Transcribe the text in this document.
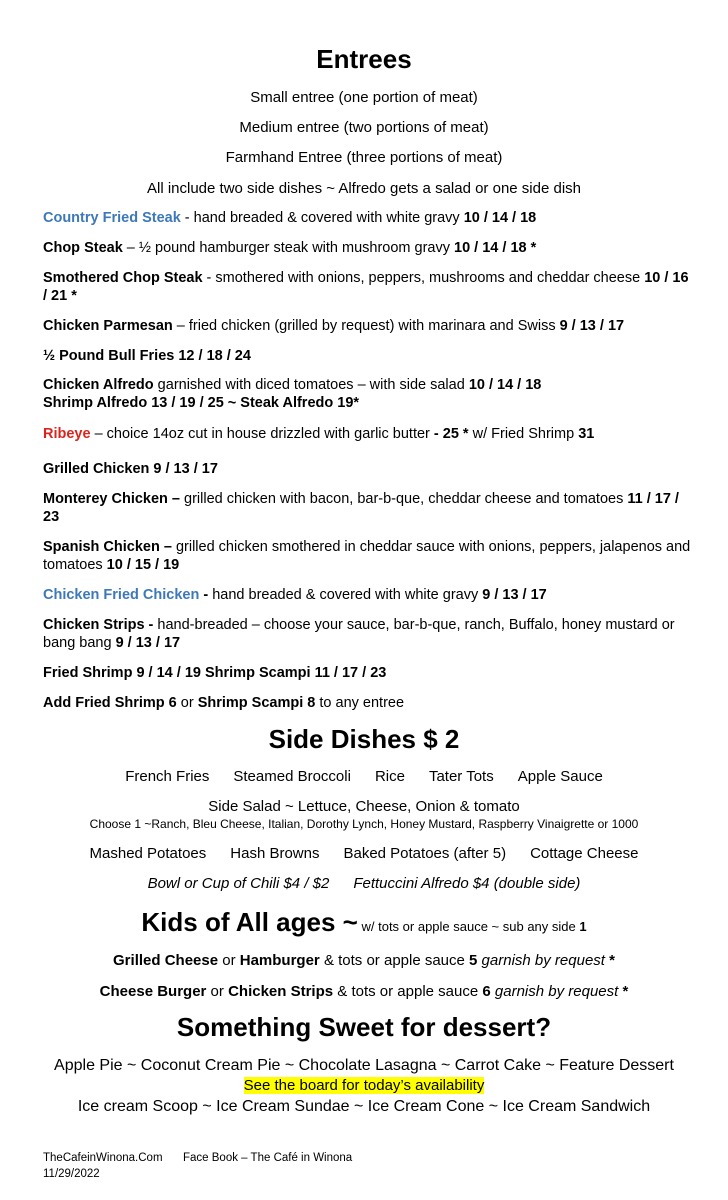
Entrees
Small entree (one portion of meat)
Medium entree (two portions of meat)
Farmhand Entree (three portions of meat)
All include two side dishes ~ Alfredo gets a salad or one side dish
Country Fried Steak - hand breaded & covered with white gravy 10 / 14 / 18
Chop Steak – ½ pound hamburger steak with mushroom gravy 10 / 14 / 18 *
Smothered Chop Steak - smothered with onions, peppers, mushrooms and cheddar cheese 10 / 16 / 21 *
Chicken Parmesan – fried chicken (grilled by request) with marinara and Swiss 9 / 13 / 17
½ Pound Bull Fries 12 / 18 / 24
Chicken Alfredo garnished with diced tomatoes – with side salad 10 / 14 / 18
Shrimp Alfredo 13 / 19 / 25 ~ Steak Alfredo 19*
Ribeye – choice 14oz cut in house drizzled with garlic butter - 25 * w/ Fried Shrimp 31
Grilled Chicken 9 / 13 / 17
Monterey Chicken – grilled chicken with bacon, bar-b-que, cheddar cheese and tomatoes 11 / 17 / 23
Spanish Chicken – grilled chicken smothered in cheddar sauce with onions, peppers, jalapenos and tomatoes 10 / 15 / 19
Chicken Fried Chicken - hand breaded & covered with white gravy 9 / 13 / 17
Chicken Strips - hand-breaded – choose your sauce, bar-b-que, ranch, Buffalo, honey mustard or bang bang 9 / 13 / 17
Fried Shrimp 9 / 14 / 19 Shrimp Scampi 11 / 17 / 23
Add Fried Shrimp 6 or Shrimp Scampi 8 to any entree
Side Dishes $ 2
French Fries Steamed Broccoli Rice Tater Tots Apple Sauce
Side Salad ~ Lettuce, Cheese, Onion & tomato
Choose 1 ~Ranch, Bleu Cheese, Italian, Dorothy Lynch, Honey Mustard, Raspberry Vinaigrette or 1000
Mashed Potatoes Hash Browns Baked Potatoes (after 5) Cottage Cheese
Bowl or Cup of Chili $4 / $2 Fettuccini Alfredo $4 (double side)
Kids of All ages ~ w/ tots or apple sauce ~ sub any side 1
Grilled Cheese or Hamburger & tots or apple sauce 5 garnish by request *
Cheese Burger or Chicken Strips & tots or apple sauce 6 garnish by request *
Something Sweet for dessert?
Apple Pie ~ Coconut Cream Pie ~ Chocolate Lasagna ~ Carrot Cake ~ Feature Dessert
See the board for today’s availability
Ice cream Scoop ~ Ice Cream Sundae ~ Ice Cream Cone ~ Ice Cream Sandwich
TheCafeinWinona.Com Face Book – The Café in Winona
11/29/2022
